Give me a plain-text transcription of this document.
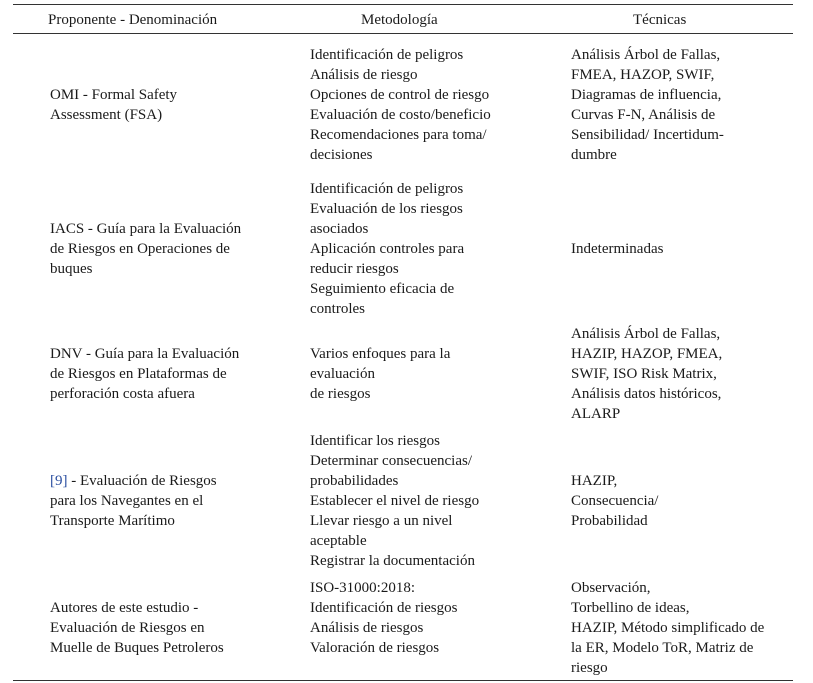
Proponente - Denominación	Metodología	Técnicas
OMI - Formal Safety
Assessment (FSA)
Identificación de peligros
Análisis de riesgo
Opciones de control de riesgo
Evaluación de costo/beneficio
Recomendaciones para toma/
decisiones
Análisis Árbol de Fallas,
FMEA, HAZOP, SWIF,
Diagramas de influencia,
Curvas F-N, Análisis de
Sensibilidad/ Incertidum-
dumbre
IACS - Guía para la Evaluación
de Riesgos en Operaciones de
buques
Identificación de peligros
Evaluación de los riesgos
asociados
Aplicación controles para
reducir riesgos
Seguimiento eficacia de
controles
Indeterminadas
DNV - Guía para la Evaluación
de Riesgos en Plataformas de
perforación costa afuera
Varios enfoques para la
evaluación
de riesgos
Análisis Árbol de Fallas,
HAZIP, HAZOP, FMEA,
SWIF, ISO Risk Matrix,
Análisis datos históricos,
ALARP
[9] - Evaluación de Riesgos
para los Navegantes en el
Transporte Marítimo
Identificar los riesgos
Determinar consecuencias/
probabilidades
Establecer el nivel de riesgo
Llevar riesgo a un nivel
aceptable
Registrar la documentación
HAZIP,
Consecuencia/
Probabilidad
Autores de este estudio -
Evaluación de Riesgos en
Muelle de Buques Petroleros
ISO-31000:2018:
Identificación de riesgos
Análisis de riesgos
Valoración de riesgos
Observación,
Torbellino de ideas,
HAZIP, Método simplificado de
la ER, Modelo ToR, Matriz de
riesgo
